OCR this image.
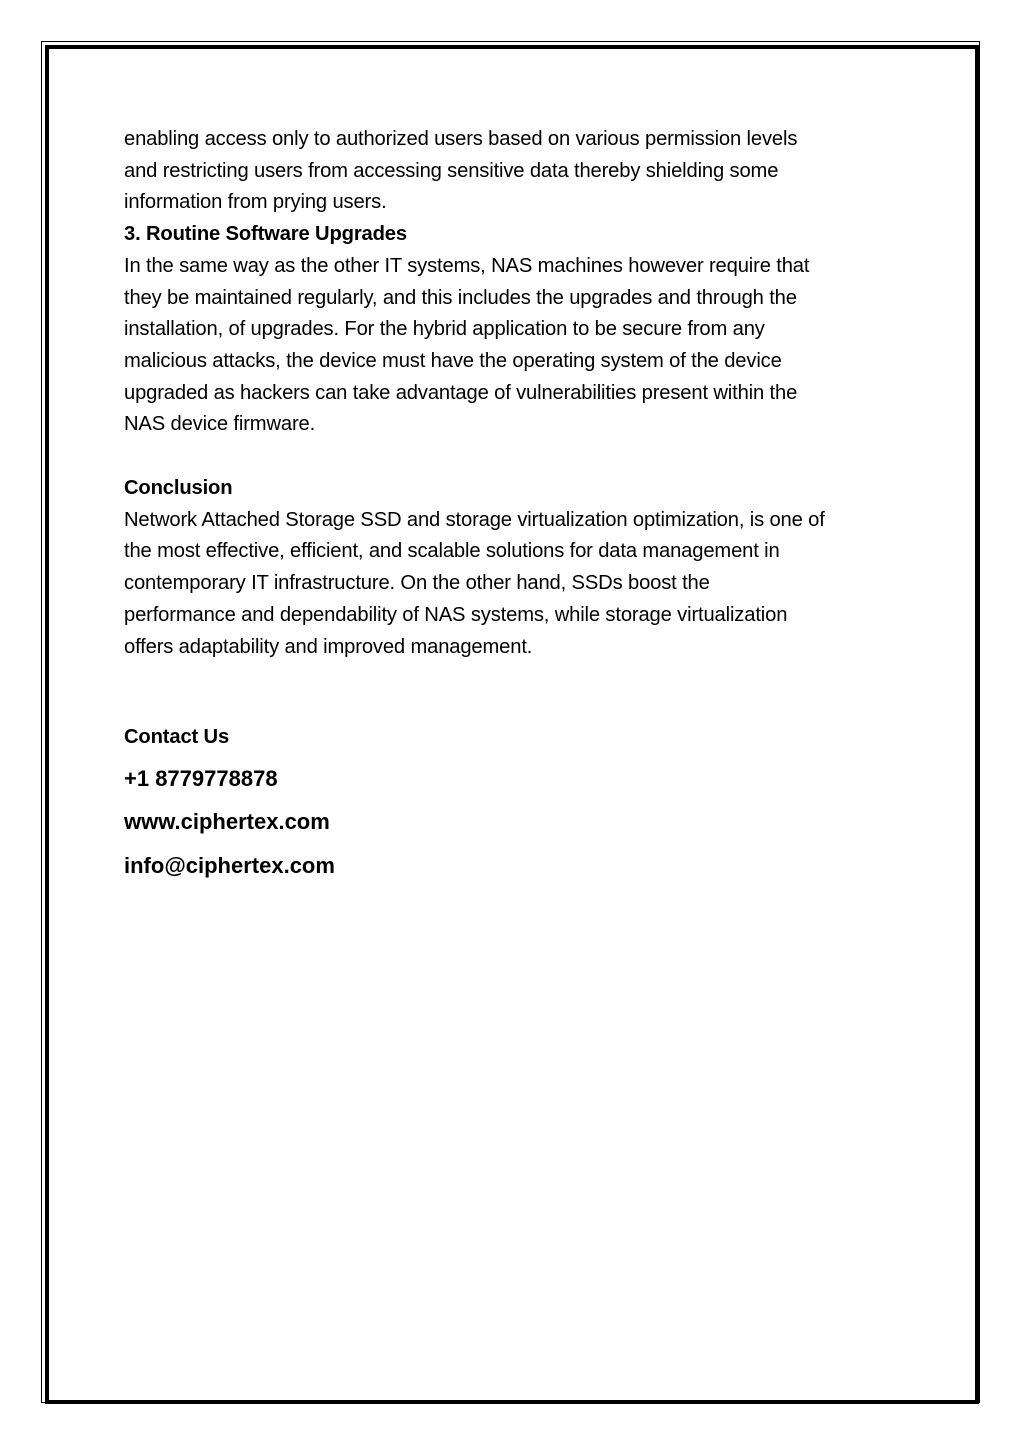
enabling access only to authorized users based on various permission levels
and restricting users from accessing sensitive data thereby shielding some
information from prying users.

3. Routine Software Upgrades

In the same way as the other IT systems, NAS machines however require that
they be maintained regularly, and this includes the upgrades and through the
installation, of upgrades. For the hybrid application to be secure from any
malicious attacks, the device must have the operating system of the device
upgraded as hackers can take advantage of vulnerabilities present within the
NAS device firmware.

Conclusion

Network Attached Storage SSD and storage virtualization optimization, is one of
the most effective, efficient, and scalable solutions for data management in
contemporary IT infrastructure. On the other hand, SSDs boost the
performance and dependability of NAS systems, while storage virtualization
offers adaptability and improved management.

Contact Us

+1 8779778878
www.ciphertex.com
info@ciphertex.com
